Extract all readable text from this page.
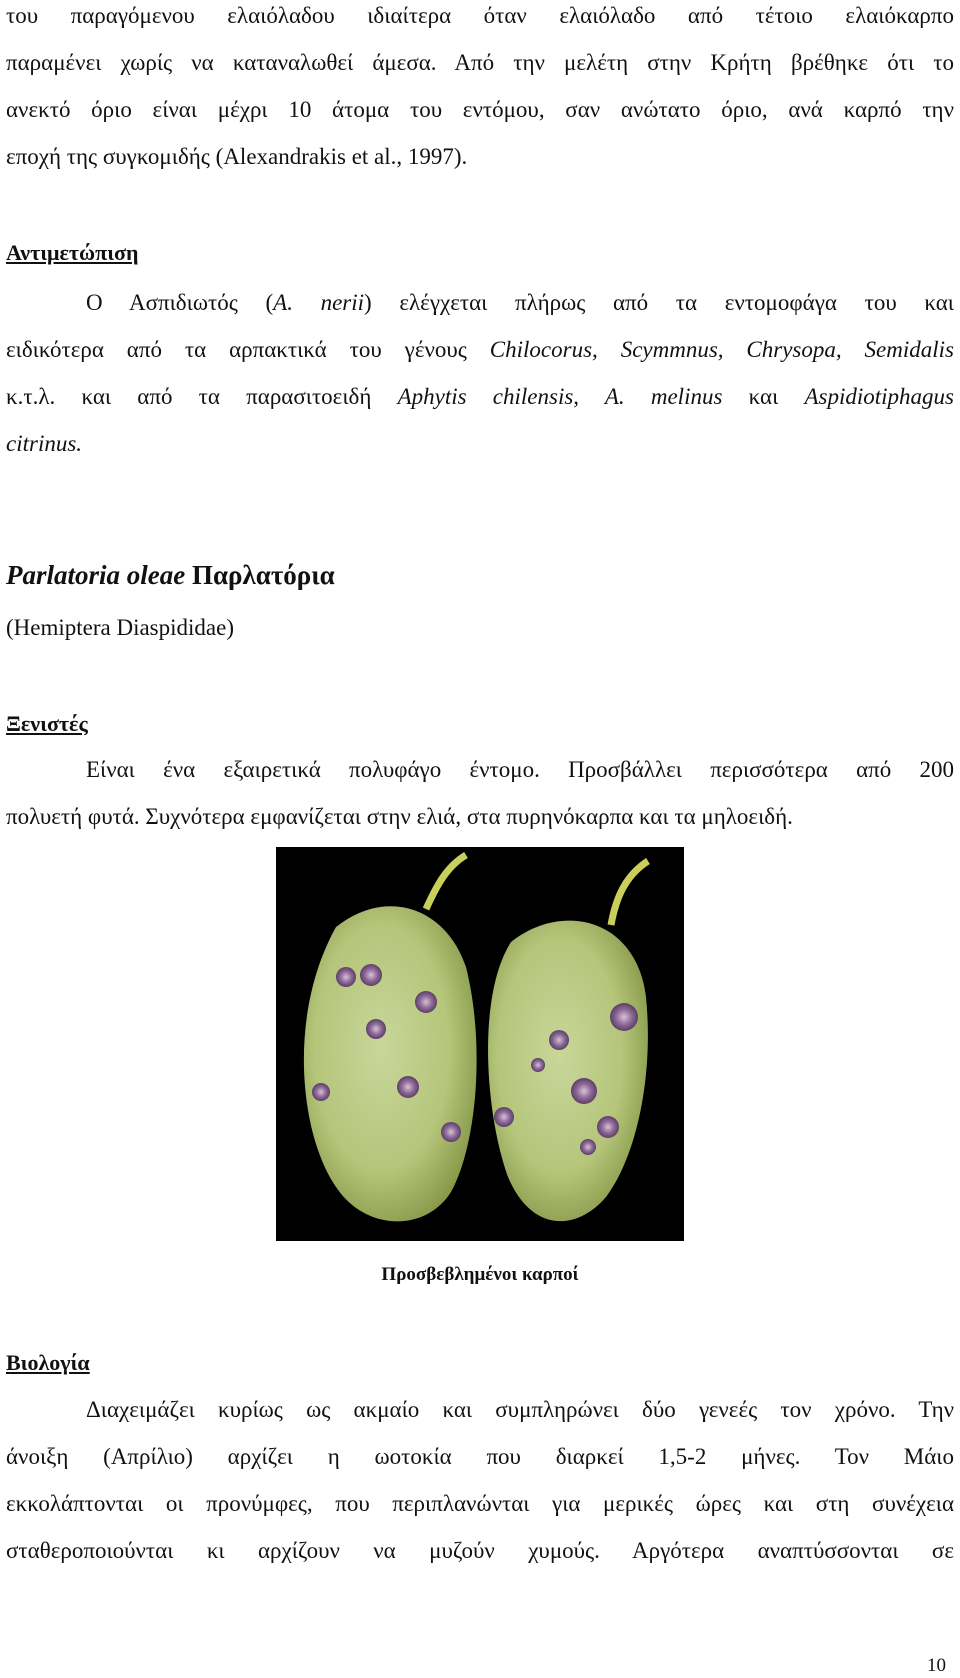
του παραγόμενου ελαιόλαδου ιδιαίτερα όταν ελαιόλαδο από τέτοιο ελαιόκαρπο

παραμένει χωρίς να καταναλωθεί άμεσα. Από την μελέτη στην Κρήτη βρέθηκε ότι το

ανεκτό όριο είναι μέχρι 10 άτομα του εντόμου, σαν ανώτατο όριο, ανά καρπό την

εποχή της συγκομιδής (Alexandrakis et al., 1997).

Αντιμετώπιση

Ο Ασπιδιωτός (A. nerii) ελέγχεται πλήρως από τα εντομοφάγα του και

ειδικότερα από τα αρπακτικά του γένους Chilocorus, Scymmnus, Chrysopa, Semidalis

κ.τ.λ. και από τα παρασιτοειδή Aphytis chilensis, A. melinus και Aspidiotiphagus

citrinus.

Parlatoria oleae Παρλατόρια

(Hemiptera Diaspididae)

Ξενιστές

Είναι ένα εξαιρετικά πολυφάγο έντομο. Προσβάλλει περισσότερα από 200

πολυετή φυτά. Συχνότερα εμφανίζεται στην ελιά, στα πυρηνόκαρπα και τα μηλοειδή.

Προσβεβλημένοι καρποί

Βιολογία

Διαχειμάζει κυρίως ως ακμαίο και συμπληρώνει δύο γενεές τον χρόνο. Την

άνοιξη (Απρίλιο) αρχίζει η ωοτοκία που διαρκεί 1,5-2 μήνες. Τον Μάιο

εκκολάπτονται οι προνύμφες, που περιπλανώνται για μερικές ώρες και στη συνέχεια

σταθεροποιούνται κι αρχίζουν να μυζούν χυμούς. Αργότερα αναπτύσσονται σε

10
